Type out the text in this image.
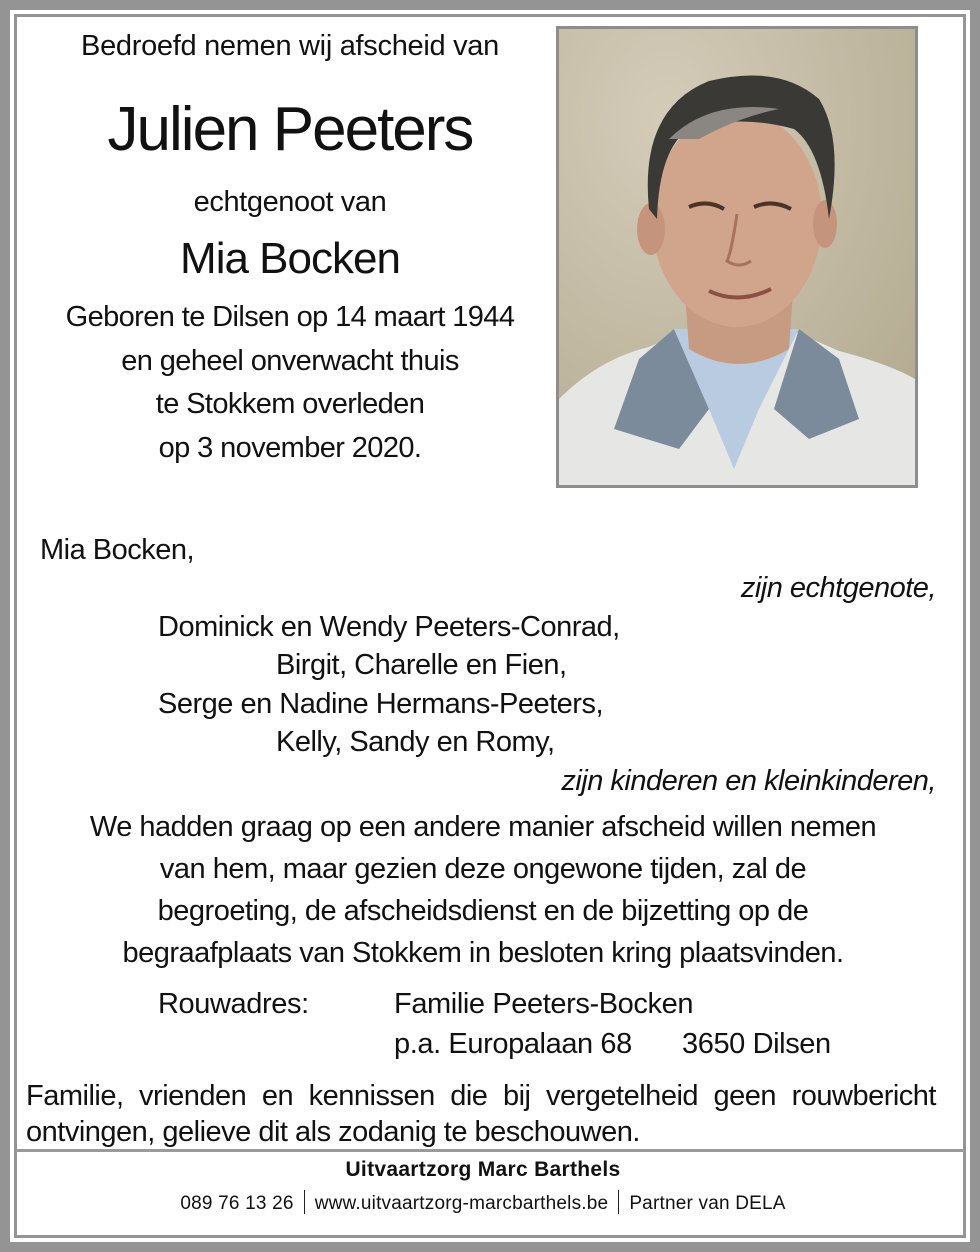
Bedroefd nemen wij afscheid van
Julien Peeters
echtgenoot van
Mia Bocken
Geboren te Dilsen op 14 maart 1944
en geheel onverwacht thuis
te Stokkem overleden
op 3 november 2020.
Mia Bocken,
zijn echtgenote,
Dominick en Wendy Peeters-Conrad,
Birgit, Charelle en Fien,
Serge en Nadine Hermans-Peeters,
Kelly, Sandy en Romy,
zijn kinderen en kleinkinderen,
We hadden graag op een andere manier afscheid willen nemen
van hem, maar gezien deze ongewone tijden, zal de
begroeting, de afscheidsdienst en de bijzetting op de
begraafplaats van Stokkem in besloten kring plaatsvinden.
Rouwadres:	Familie Peeters-Bocken
p.a. Europalaan 68 3650 Dilsen
Familie, vrienden en kennissen die bij vergetelheid geen rouwbericht ontvingen, gelieve dit als zodanig te beschouwen.
Uitvaartzorg Marc Barthels
089 76 13 26 www.uitvaartzorg-marcbarthels.be Partner van DELA
